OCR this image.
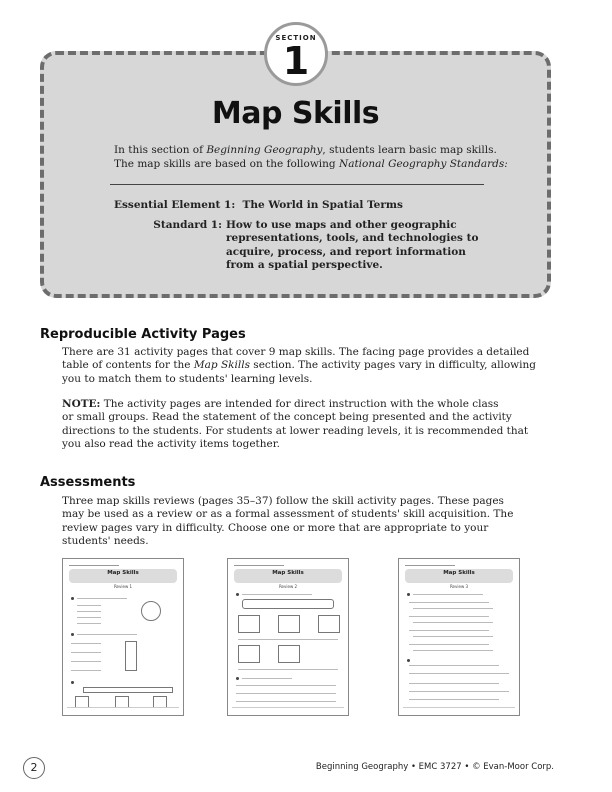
SECTION
1
Map Skills
In this section of Beginning Geography, students learn basic map skills.
The map skills are based on the following National Geography Standards:
Essential Element 1: The World in Spatial Terms
Standard 1: How to use maps and other geographic
representations, tools, and technologies to
acquire, process, and report information
from a spatial perspective.
Reproducible Activity Pages
There are 31 activity pages that cover 9 map skills. The facing page provides a detailed
table of contents for the Map Skills section. The activity pages vary in difficulty, allowing
you to match them to students' learning levels.
NOTE: The activity pages are intended for direct instruction with the whole class
or small groups. Read the statement of the concept being presented and the activity
directions to the students. For students at lower reading levels, it is recommended that
you also read the activity items together.
Assessments
Three map skills reviews (pages 35–37) follow the skill activity pages. These pages
may be used as a review or as a formal assessment of students' skill acquisition. The
review pages vary in difficulty. Choose one or more that are appropriate to your
students' needs.
Map Skills
Review 1
Map Skills
Review 2
Map Skills
Review 3
2	Beginning Geography • EMC 3727 • © Evan-Moor Corp.
